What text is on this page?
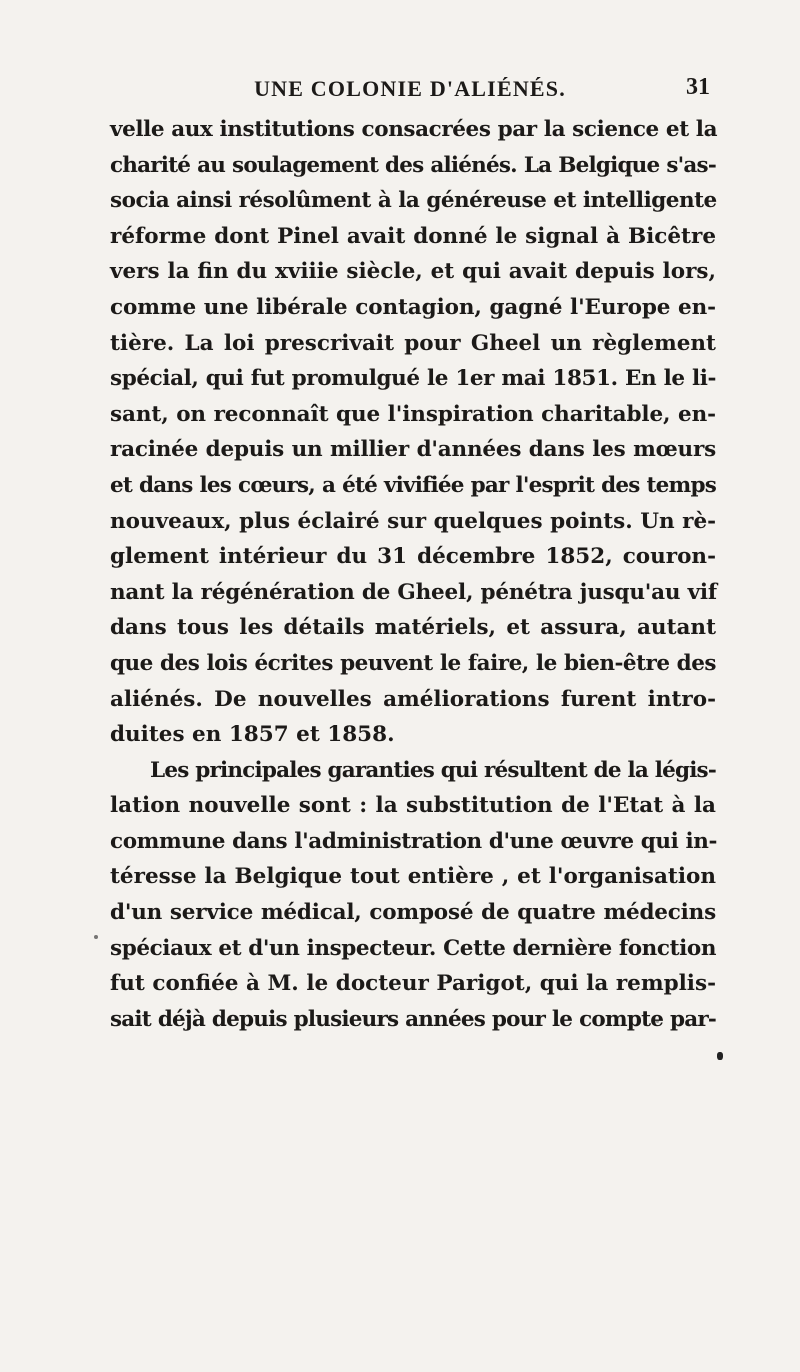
UNE COLONIE D'ALIÉNÉS.	31
velle aux institutions consacrées par la science et la
charité au soulagement des aliénés. La Belgique s'as-
socia ainsi résolûment à la généreuse et intelligente
réforme dont Pinel avait donné le signal à Bicêtre
vers la fin du xviiie siècle, et qui avait depuis lors,
comme une libérale contagion, gagné l'Europe en-
tière. La loi prescrivait pour Gheel un règlement
spécial, qui fut promulgué le 1er mai 1851. En le li-
sant, on reconnaît que l'inspiration charitable, en-
racinée depuis un millier d'années dans les mœurs
et dans les cœurs, a été vivifiée par l'esprit des temps
nouveaux, plus éclairé sur quelques points. Un rè-
glement intérieur du 31 décembre 1852, couron-
nant la régénération de Gheel, pénétra jusqu'au vif
dans tous les détails matériels, et assura, autant
que des lois écrites peuvent le faire, le bien-être des
aliénés. De nouvelles améliorations furent intro-
duites en 1857 et 1858.
Les principales garanties qui résultent de la légis-
lation nouvelle sont : la substitution de l'Etat à la
commune dans l'administration d'une œuvre qui in-
téresse la Belgique tout entière , et l'organisation
d'un service médical, composé de quatre médecins
spéciaux et d'un inspecteur. Cette dernière fonction
fut confiée à M. le docteur Parigot, qui la remplis-
sait déjà depuis plusieurs années pour le compte par-
